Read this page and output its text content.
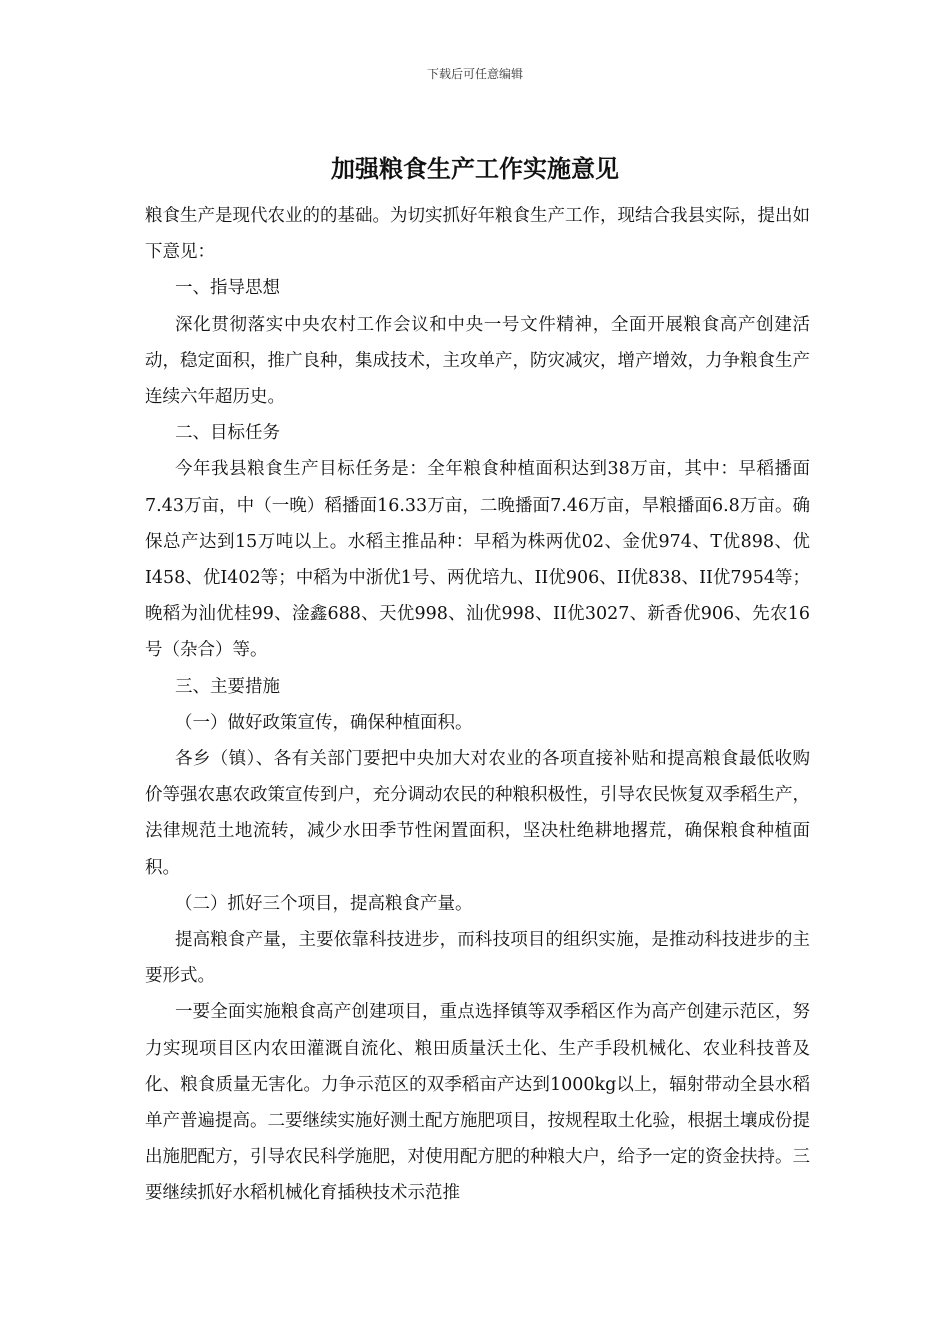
下载后可任意编辑
加强粮食生产工作实施意见

粮食生产是现代农业的的基础。为切实抓好年粮食生产工作，现结合我县实际，提出如下意见：

一、指导思想

深化贯彻落实中央农村工作会议和中央一号文件精神，全面开展粮食高产创建活动，稳定面积，推广良种，集成技术，主攻单产，防灾减灾，增产增效，力争粮食生产连续六年超历史。

二、目标任务

今年我县粮食生产目标任务是：全年粮食种植面积达到38万亩，其中：早稻播面7.43万亩，中（一晚）稻播面16.33万亩，二晚播面7.46万亩，旱粮播面6.8万亩。确保总产达到15万吨以上。水稻主推品种：早稻为株两优02、金优974、T优898、优I458、优I402等；中稻为中浙优1号、两优培九、II优906、II优838、II优7954等；晚稻为汕优桂99、淦鑫688、天优998、汕优998、II优3027、新香优906、先农16号（杂合）等。

三、主要措施

（一）做好政策宣传，确保种植面积。

各乡（镇）、各有关部门要把中央加大对农业的各项直接补贴和提高粮食最低收购价等强农惠农政策宣传到户，充分调动农民的种粮积极性，引导农民恢复双季稻生产，法律规范土地流转，减少水田季节性闲置面积，坚决杜绝耕地撂荒，确保粮食种植面积。

（二）抓好三个项目，提高粮食产量。

提高粮食产量，主要依靠科技进步，而科技项目的组织实施，是推动科技进步的主要形式。

一要全面实施粮食高产创建项目，重点选择镇等双季稻区作为高产创建示范区，努力实现项目区内农田灌溉自流化、粮田质量沃土化、生产手段机械化、农业科技普及化、粮食质量无害化。力争示范区的双季稻亩产达到1000kg以上，辐射带动全县水稻单产普遍提高。二要继续实施好测土配方施肥项目，按规程取土化验，根据土壤成份提出施肥配方，引导农民科学施肥，对使用配方肥的种粮大户，给予一定的资金扶持。三要继续抓好水稻机械化育插秧技术示范推
